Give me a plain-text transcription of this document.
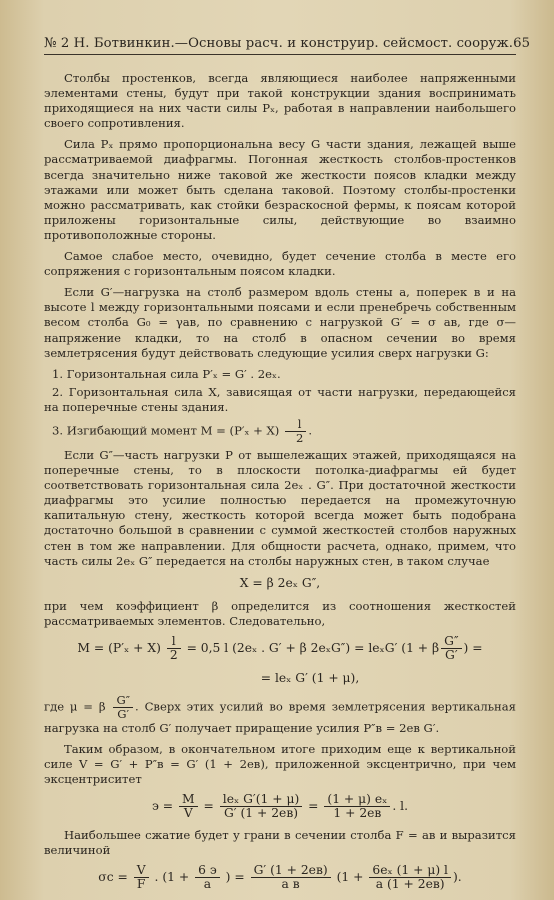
№ 2 Н. Ботвинкин.—Основы расч. и конструир. сейсмост. сооруж. 65

Столбы простенков, всегда являющиеся наиболее напряженными элементами стены, будут при такой конструкции здания воспринимать приходящиеся на них части силы Pₓ, работая в направлении наибольшего своего сопротивления.

Сила Pₓ прямо пропорциональна весу G части здания, лежащей выше рассматриваемой диафрагмы. Погонная жесткость столбов-простенков всегда значительно ниже таковой же жесткости поясов кладки между этажами или может быть сделана таковой. Поэтому столбы-простенки можно рассматривать, как стойки безраскосной фермы, к поясам которой приложены горизонтальные силы, действующие во взаимно противоположные стороны.

Самое слабое место, очевидно, будет сечение столба в месте его сопряжения с горизонтальным поясом кладки.

Если G′—нагрузка на столб размером вдоль стены а, поперек в и на высоте l между горизонтальными поясами и если пренебречь собственным весом столба G₀ = γав, по сравнению с нагрузкой G′ = σ ав, где σ—напряжение кладки, то на столб в опасном сечении во время землетрясения будут действовать следующие усилия сверх нагрузки G:

1. Горизонтальная сила P′ₓ = G′ . 2eₓ.

2. Горизонтальная сила X, зависящая от части нагрузки, передающейся на поперечные стены здания.

3. Изгибающий момент $M = (P'_x + X) \frac{l}{2}$ .

Если G″—часть нагрузки P от вышележащих этажей, приходящаяся на поперечные стены, то в плоскости потолка-диафрагмы ей будет соответствовать горизонтальная сила 2eₓ . G″. При достаточной жесткости диафрагмы это усилие полностью передается на промежуточную капитальную стену, жесткость которой всегда может быть подобрана достаточно большой в сравнении с суммой жесткостей столбов наружных стен в том же направлении. Для общности расчета, однако, примем, что часть силы 2eₓ G″ передается на столбы наружных стен, в таком случае

X = β 2eₓ G″,

при чем коэффициент β определится из соотношения жесткостей рассматриваемых элементов. Следовательно,

$M = (P'_x + X) \frac{l}{2} = 0,5$ l (2eₓ . G′ + β 2eₓG″) = leₓG′ (1 + β $\frac{G''}{G'}$ ) =
= leₓ G′ (1 + μ),

где μ = β $\frac{G''}{G'}$ . Сверх этих усилий во время землетрясения вертикальная нагрузка на столб G′ получает приращение усилия P″в = 2eв G′.

Таким образом, в окончательном итоге приходим еще к вертикальной силе V = G′ + P″в = G′ (1 + 2eв), приложенной эксцентрично, при чем эксцентриситет

$э = \frac{M}{V} = \frac{\text{leₓ G′(1 + μ)}}{G' (1 + 2eв)} = \frac{\text{(1 + μ) eₓ}}{1 + 2eв}$ . l.

Наибольшее сжатие будет у грани в сечении столба F = ав и выразится величиной

$\sigma с = \frac{V}{F}$ . ($1 + \frac{6 э}{а}$ ) = $\frac{G' (1 + 2eв)}{\text{а в}} (1 + \frac{\text{6eₓ (1 + μ) l}}{а (1 + 2eв)}$ ).
